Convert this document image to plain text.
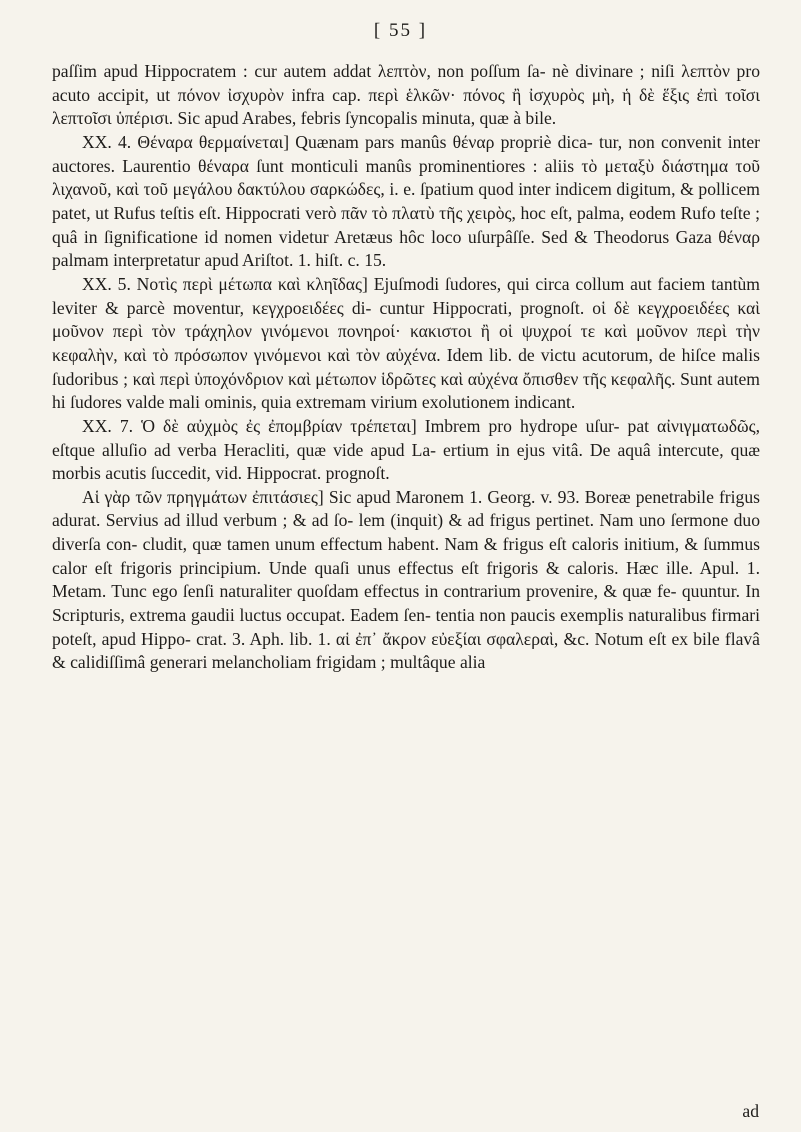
[ 55 ]

paſſim apud Hippocratem : cur autem addat λεπτὸν, non poſſum ſa- nè divinare ; niſi λεπτὸν pro acuto accipit, ut πόνον ἰσχυρὸν infra cap. περὶ ἑλκῶν· πόνος ἢ ἰσχυρὸς μὴ, ἡ δὲ ἕξις ἐπὶ τοῖσι λεπτοῖσι ὑπέρισι. Sic apud Arabes, febris ſyncopalis minuta, quæ à bile.

XX. 4. Θέναρα θερμαίνεται] Quænam pars manûs θέναρ propriè dica- tur, non convenit inter auctores. Laurentio θέναρα ſunt monticuli manûs prominentiores : aliis τὸ μεταξὺ διάστημα τοῦ λιχανοῦ, καὶ τοῦ μεγάλου δακτύλου σαρκώδες, i. e. ſpatium quod inter indicem digitum, & pollicem patet, ut Rufus teſtis eſt. Hippocrati verò πᾶν τὸ πλατὺ τῆς χειρὸς, hoc eſt, palma, eodem Rufo teſte ; quâ in ſignificatione id nomen videtur Aretæus hôc loco uſurpâſſe. Sed & Theodorus Gaza θέναρ palmam interpretatur apud Ariſtot. 1. hiſt. c. 15.

XX. 5. Νοτὶς περὶ μέτωπα καὶ κληῖδας] Ejuſmodi ſudores, qui circa collum aut faciem tantùm leviter & parcè moventur, κεγχροειδέες di- cuntur Hippocrati, prognoſt. οἱ δὲ κεγχροειδέες καὶ μοῦνον περὶ τὸν τράχηλον γινόμενοι πονηροί· κακιστοι ἢ οἱ ψυχροί τε καὶ μοῦνον περὶ τὴν κεφαλὴν, καὶ τὸ πρόσωπον γινόμενοι καὶ τὸν αὐχένα. Idem lib. de victu acutorum, de hiſce malis ſudoribus ; καὶ περὶ ὑποχόνδριον καὶ μέτωπον ἱδρῶτες καὶ αὐχένα ὄπισθεν τῆς κεφαλῆς. Sunt autem hi ſudores valde mali ominis, quia extremam virium exolutionem indicant.

XX. 7. Ὁ δὲ αὐχμὸς ἐς ἐπομβρίαν τρέπεται] Imbrem pro hydrope uſur- pat αἰνιγματωδῶς, eſtque alluſio ad verba Heracliti, quæ vide apud La- ertium in ejus vitâ. De aquâ intercute, quæ morbis acutis ſuccedit, vid. Hippocrat. prognoſt.

Αἱ γὰρ τῶν πρηγμάτων ἐπιτάσιες] Sic apud Maronem 1. Georg. v. 93. Boreæ penetrabile frigus adurat. Servius ad illud verbum ; & ad ſo- lem (inquit) & ad frigus pertinet. Nam uno ſermone duo diverſa con- cludit, quæ tamen unum effectum habent. Nam & frigus eſt caloris initium, & ſummus calor eſt frigoris principium. Unde quaſi unus effectus eſt frigoris & caloris. Hæc ille. Apul. 1. Metam. Tunc ego ſenſi naturaliter quoſdam effectus in contrarium provenire, & quæ fe- quuntur. In Scripturis, extrema gaudii luctus occupat. Eadem ſen- tentia non paucis exemplis naturalibus firmari poteſt, apud Hippo- crat. 3. Aph. lib. 1. αἱ ἐπ᾿ ἄκρον εὐεξίαι σφαλεραὶ, &c. Notum eſt ex bile flavâ & calidiſſimâ generari melancholiam frigidam ; multâque alia

ad
